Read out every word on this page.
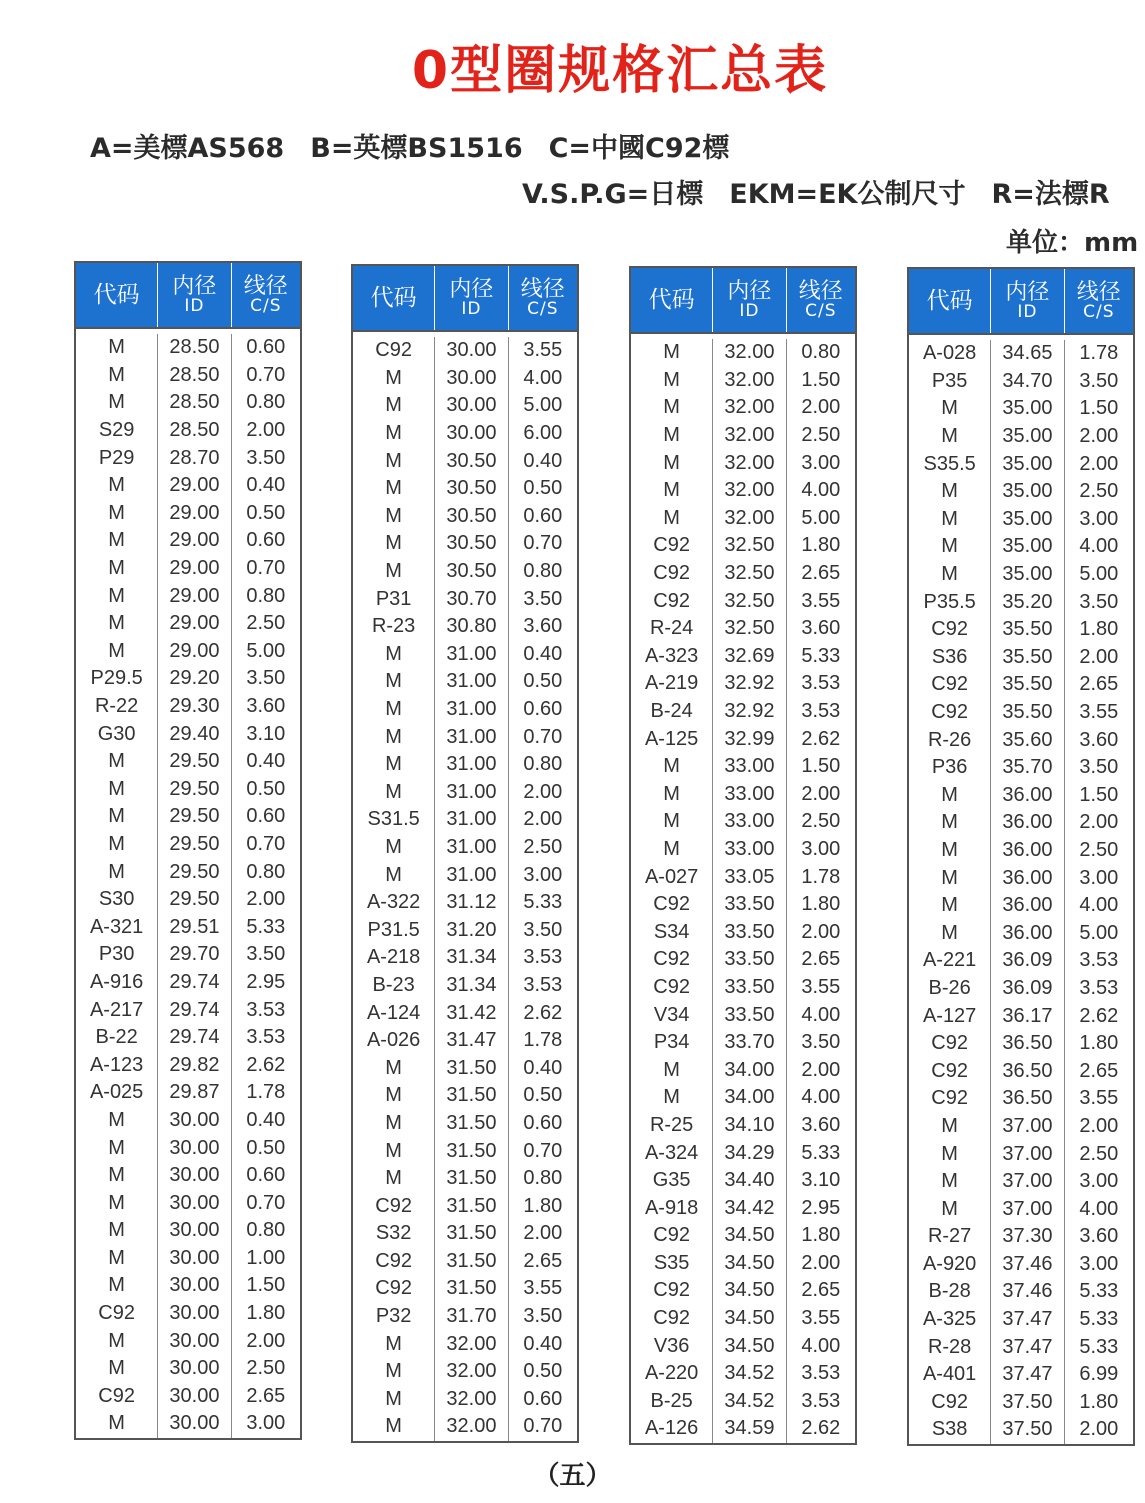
0型圈规格汇总表
A=美標AS568 B=英標BS1516 C=中國C92標
V.S.P.G=日標 EKM=EK公制尺寸 R=法標R
单位：mm
代码	内径
ID
线径
C/S
M	28.50	0.60
M	28.50	0.70
M	28.50	0.80
S29	28.50	2.00
P29	28.70	3.50
M	29.00	0.40
M	29.00	0.50
M	29.00	0.60
M	29.00	0.70
M	29.00	0.80
M	29.00	2.50
M	29.00	5.00
P29.5	29.20	3.50
R-22	29.30	3.60
G30	29.40	3.10
M	29.50	0.40
M	29.50	0.50
M	29.50	0.60
M	29.50	0.70
M	29.50	0.80
S30	29.50	2.00
A-321	29.51	5.33
P30	29.70	3.50
A-916	29.74	2.95
A-217	29.74	3.53
B-22	29.74	3.53
A-123	29.82	2.62
A-025	29.87	1.78
M	30.00	0.40
M	30.00	0.50
M	30.00	0.60
M	30.00	0.70
M	30.00	0.80
M	30.00	1.00
M	30.00	1.50
C92	30.00	1.80
M	30.00	2.00
M	30.00	2.50
C92	30.00	2.65
M	30.00	3.00
代码	内径
ID
线径
C/S
C92	30.00	3.55
M	30.00	4.00
M	30.00	5.00
M	30.00	6.00
M	30.50	0.40
M	30.50	0.50
M	30.50	0.60
M	30.50	0.70
M	30.50	0.80
P31	30.70	3.50
R-23	30.80	3.60
M	31.00	0.40
M	31.00	0.50
M	31.00	0.60
M	31.00	0.70
M	31.00	0.80
M	31.00	2.00
S31.5	31.00	2.00
M	31.00	2.50
M	31.00	3.00
A-322	31.12	5.33
P31.5	31.20	3.50
A-218	31.34	3.53
B-23	31.34	3.53
A-124	31.42	2.62
A-026	31.47	1.78
M	31.50	0.40
M	31.50	0.50
M	31.50	0.60
M	31.50	0.70
M	31.50	0.80
C92	31.50	1.80
S32	31.50	2.00
C92	31.50	2.65
C92	31.50	3.55
P32	31.70	3.50
M	32.00	0.40
M	32.00	0.50
M	32.00	0.60
M	32.00	0.70
代码	内径
ID
线径
C/S
M	32.00	0.80
M	32.00	1.50
M	32.00	2.00
M	32.00	2.50
M	32.00	3.00
M	32.00	4.00
M	32.00	5.00
C92	32.50	1.80
C92	32.50	2.65
C92	32.50	3.55
R-24	32.50	3.60
A-323	32.69	5.33
A-219	32.92	3.53
B-24	32.92	3.53
A-125	32.99	2.62
M	33.00	1.50
M	33.00	2.00
M	33.00	2.50
M	33.00	3.00
A-027	33.05	1.78
C92	33.50	1.80
S34	33.50	2.00
C92	33.50	2.65
C92	33.50	3.55
V34	33.50	4.00
P34	33.70	3.50
M	34.00	2.00
M	34.00	4.00
R-25	34.10	3.60
A-324	34.29	5.33
G35	34.40	3.10
A-918	34.42	2.95
C92	34.50	1.80
S35	34.50	2.00
C92	34.50	2.65
C92	34.50	3.55
V36	34.50	4.00
A-220	34.52	3.53
B-25	34.52	3.53
A-126	34.59	2.62
代码	内径
ID
线径
C/S
A-028	34.65	1.78
P35	34.70	3.50
M	35.00	1.50
M	35.00	2.00
S35.5	35.00	2.00
M	35.00	2.50
M	35.00	3.00
M	35.00	4.00
M	35.00	5.00
P35.5	35.20	3.50
C92	35.50	1.80
S36	35.50	2.00
C92	35.50	2.65
C92	35.50	3.55
R-26	35.60	3.60
P36	35.70	3.50
M	36.00	1.50
M	36.00	2.00
M	36.00	2.50
M	36.00	3.00
M	36.00	4.00
M	36.00	5.00
A-221	36.09	3.53
B-26	36.09	3.53
A-127	36.17	2.62
C92	36.50	1.80
C92	36.50	2.65
C92	36.50	3.55
M	37.00	2.00
M	37.00	2.50
M	37.00	3.00
M	37.00	4.00
R-27	37.30	3.60
A-920	37.46	3.00
B-28	37.46	5.33
A-325	37.47	5.33
R-28	37.47	5.33
A-401	37.47	6.99
C92	37.50	1.80
S38	37.50	2.00
（五）
